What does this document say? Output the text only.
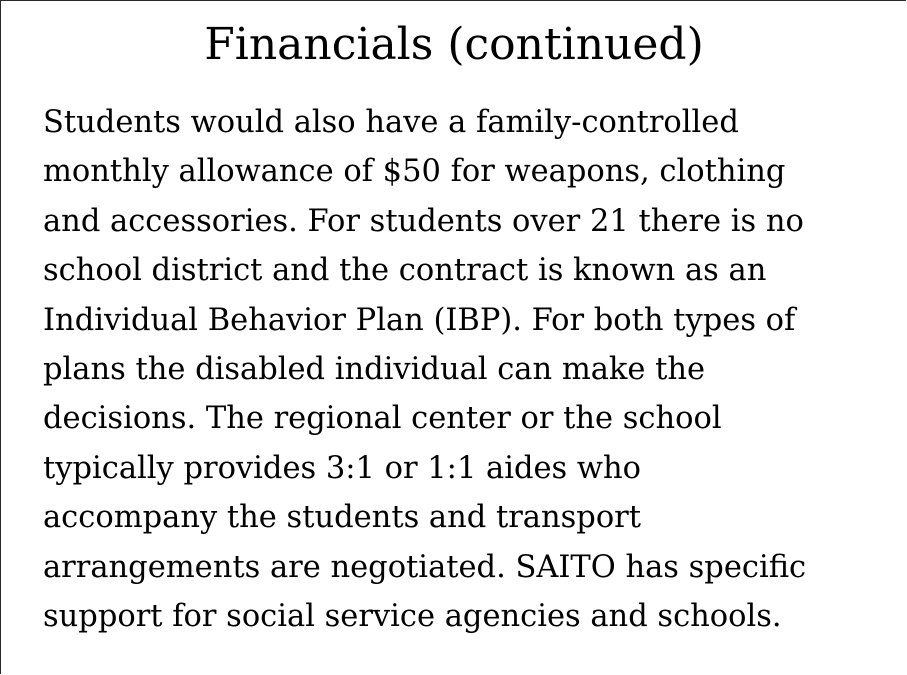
Financials (continued)
Students would also have a family-controlled
monthly allowance of $50 for weapons, clothing
and accessories. For students over 21 there is no
school district and the contract is known as an
Individual Behavior Plan (IBP). For both types of
plans the disabled individual can make the
decisions. The regional center or the school
typically provides 3:1 or 1:1 aides who
accompany the students and transport
arrangements are negotiated. SAITO has specific
support for social service agencies and schools.
